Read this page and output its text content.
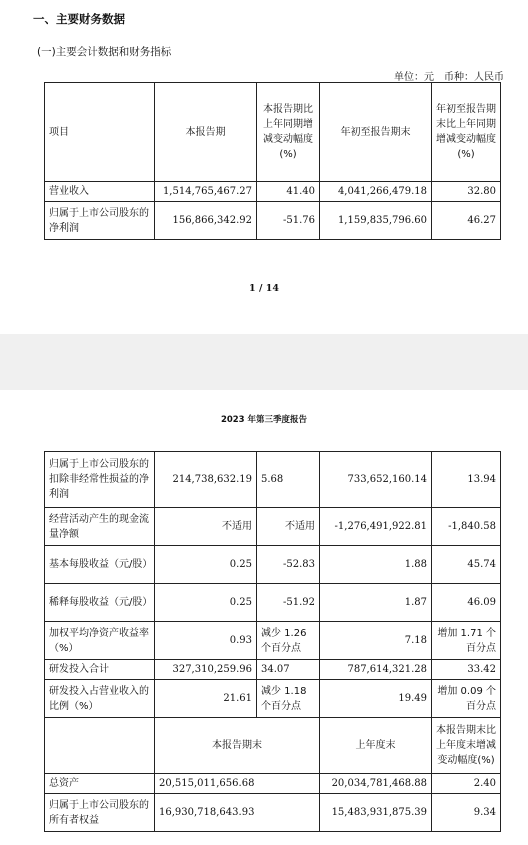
一、主要财务数据
(一)主要会计数据和财务指标
单位：元　币种：人民币
项目	本报告期	本报告期比上年同期增减变动幅度(%)	年初至报告期末	年初至报告期末比上年同期增减变动幅度(%)
营业收入	1,514,765,467.27	41.40	4,041,266,479.18	32.80
归属于上市公司股东的净利润	156,866,342.92	-51.76	1,159,835,796.60	46.27
1 / 14
2023 年第三季度报告
归属于上市公司股东的扣除非经常性损益的净利润	214,738,632.19	5.68	733,652,160.14	13.94
经营活动产生的现金流量净额	不适用	不适用	-1,276,491,922.81	-1,840.58
基本每股收益（元/股）	0.25	-52.83	1.88	45.74
稀释每股收益（元/股）	0.25	-51.92	1.87	46.09
加权平均净资产收益率（%）	0.93	减少 1.26 个百分点	7.18	增加 1.71 个百分点
研发投入合计	327,310,259.96	34.07	787,614,321.28	33.42
研发投入占营业收入的比例（%）	21.61	减少 1.18 个百分点	19.49	增加 0.09 个百分点
	本报告期末		上年度末	本报告期末比上年度末增减变动幅度(%)
总资产	20,515,011,656.68		20,034,781,468.88	2.40
归属于上市公司股东的所有者权益	16,930,718,643.93		15,483,931,875.39	9.34
